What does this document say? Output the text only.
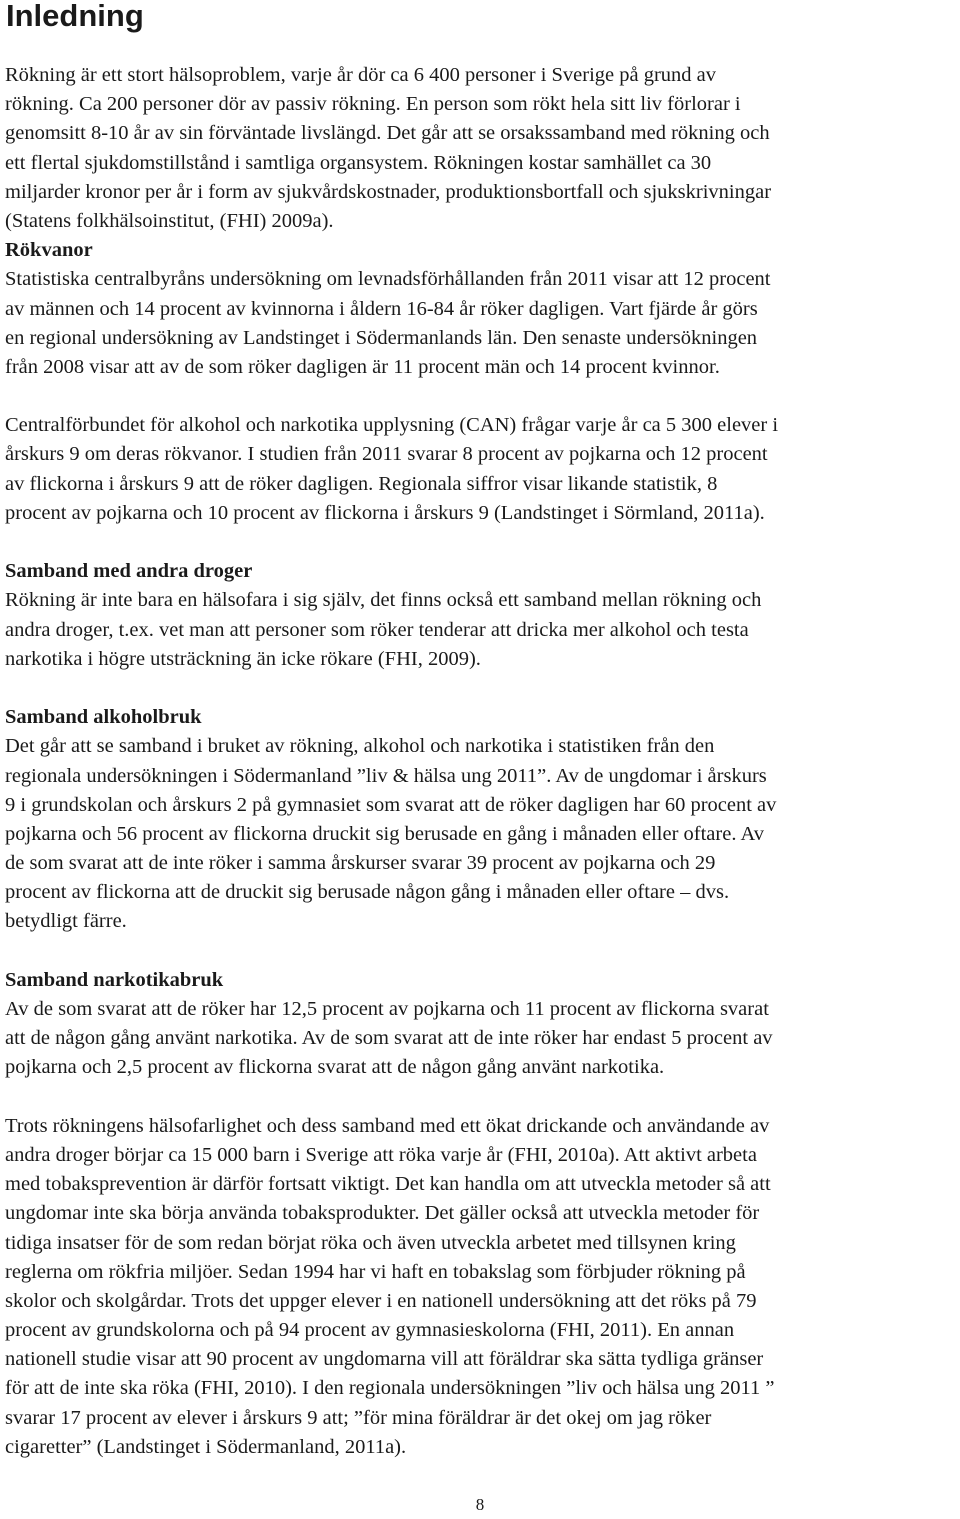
Inledning
Rökning är ett stort hälsoproblem, varje år dör ca 6 400 personer i Sverige på grund av
rökning. Ca 200 personer dör av passiv rökning. En person som rökt hela sitt liv förlorar i
genomsitt 8-10 år av sin förväntade livslängd. Det går att se orsakssamband med rökning och
ett flertal sjukdomstillstånd i samtliga organsystem. Rökningen kostar samhället ca 30
miljarder kronor per år i form av sjukvårdskostnader, produktionsbortfall och sjukskrivningar
(Statens folkhälsoinstitut, (FHI) 2009a).
Rökvanor
Statistiska centralbyråns undersökning om levnadsförhållanden från 2011 visar att 12 procent
av männen och 14 procent av kvinnorna i åldern 16-84 år röker dagligen. Vart fjärde år görs
en regional undersökning av Landstinget i Södermanlands län. Den senaste undersökningen
från 2008 visar att av de som röker dagligen är 11 procent män och 14 procent kvinnor.
Centralförbundet för alkohol och narkotika upplysning (CAN) frågar varje år ca 5 300 elever i
årskurs 9 om deras rökvanor. I studien från 2011 svarar 8 procent av pojkarna och 12 procent
av flickorna i årskurs 9 att de röker dagligen. Regionala siffror visar likande statistik, 8
procent av pojkarna och 10 procent av flickorna i årskurs 9 (Landstinget i Sörmland, 2011a).
Samband med andra droger
Rökning är inte bara en hälsofara i sig själv, det finns också ett samband mellan rökning och
andra droger, t.ex. vet man att personer som röker tenderar att dricka mer alkohol och testa
narkotika i högre utsträckning än icke rökare (FHI, 2009).
Samband alkoholbruk
Det går att se samband i bruket av rökning, alkohol och narkotika i statistiken från den
regionala undersökningen i Södermanland ”liv & hälsa ung 2011”. Av de ungdomar i årskurs
9 i grundskolan och årskurs 2 på gymnasiet som svarat att de röker dagligen har 60 procent av
pojkarna och 56 procent av flickorna druckit sig berusade en gång i månaden eller oftare. Av
de som svarat att de inte röker i samma årskurser svarar 39 procent av pojkarna och 29
procent av flickorna att de druckit sig berusade någon gång i månaden eller oftare – dvs.
betydligt färre.
Samband narkotikabruk
Av de som svarat att de röker har 12,5 procent av pojkarna och 11 procent av flickorna svarat
att de någon gång använt narkotika. Av de som svarat att de inte röker har endast 5 procent av
pojkarna och 2,5 procent av flickorna svarat att de någon gång använt narkotika.
Trots rökningens hälsofarlighet och dess samband med ett ökat drickande och användande av
andra droger börjar ca 15 000 barn i Sverige att röka varje år (FHI, 2010a). Att aktivt arbeta
med tobaksprevention är därför fortsatt viktigt. Det kan handla om att utveckla metoder så att
ungdomar inte ska börja använda tobaksprodukter. Det gäller också att utveckla metoder för
tidiga insatser för de som redan börjat röka och även utveckla arbetet med tillsynen kring
reglerna om rökfria miljöer. Sedan 1994 har vi haft en tobakslag som förbjuder rökning på
skolor och skolgårdar. Trots det uppger elever i en nationell undersökning att det röks på 79
procent av grundskolorna och på 94 procent av gymnasieskolorna (FHI, 2011). En annan
nationell studie visar att 90 procent av ungdomarna vill att föräldrar ska sätta tydliga gränser
för att de inte ska röka (FHI, 2010). I den regionala undersökningen ”liv och hälsa ung 2011 ”
svarar 17 procent av elever i årskurs 9 att; ”för mina föräldrar är det okej om jag röker
cigaretter” (Landstinget i Södermanland, 2011a).
8
